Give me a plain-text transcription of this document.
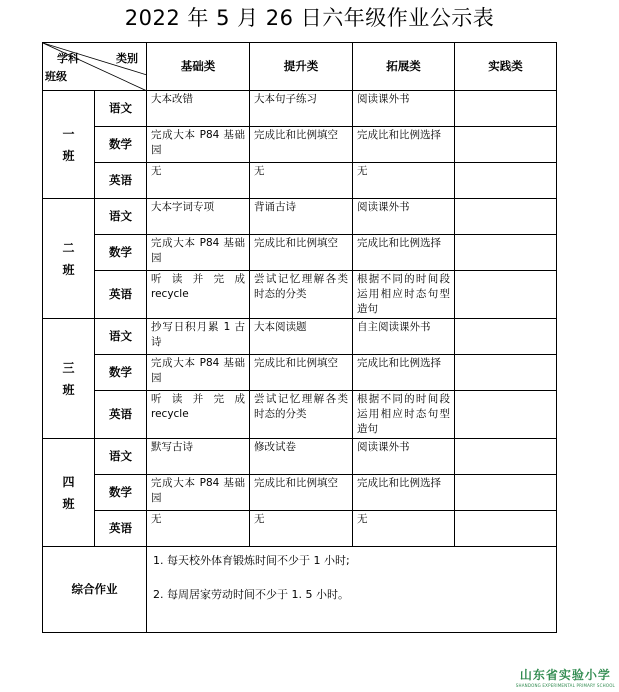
2022 年 5 月 26 日六年级作业公示表
学科 类别
班级		基础类	提升类	拓展类	实践类

一
班	语文	大本改错	大本句子练习	阅读课外书	
	数学	完成大本 P84 基础园	完成比和比例填空	完成比和比例选择	
	英语	无	无	无	

二
班	语文	大本字词专项	背诵古诗	阅读课外书	
	数学	完成大本 P84 基础园	完成比和比例填空	完成比和比例选择	
	英语	听 读 并 完 成 recycle	尝试记忆理解各类时态的分类	根据不同的时间段运用相应时态句型造句	

三
班	语文	抄写日积月累 1 古诗	大本阅读题	自主阅读课外书	
	数学	完成大本 P84 基础园	完成比和比例填空	完成比和比例选择	
	英语	听 读 并 完 成 recycle	尝试记忆理解各类时态的分类	根据不同的时间段运用相应时态句型造句	

四
班	语文	默写古诗	修改试卷	阅读课外书	
	数学	完成大本 P84 基础园	完成比和比例填空	完成比和比例选择	
	英语	无	无	无	
综合作业		1. 每天校外体育锻炼时间不少于 1 小时;

2. 每周居家劳动时间不少于 1. 5 小时。			

山东省实验小学
SHANDONG EXPERIMENTAL PRIMARY SCHOOL
